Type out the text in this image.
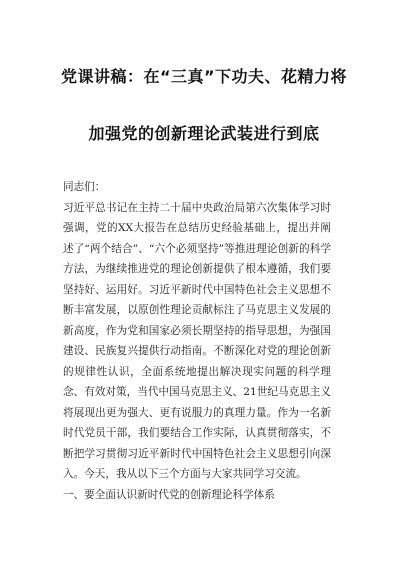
党课讲稿：在“三真”下功夫、花精力将
加强党的创新理论武装进行到底

同志们：

习近平总书记在主持二十届中央政治局第六次集体学习时强调，党的XX大报告在总结历史经验基础上，提出并阐述了“两个结合”、“六个必须坚持”等推进理论创新的科学方法，为继续推进党的理论创新提供了根本遵循，我们要坚持好、运用好。习近平新时代中国特色社会主义思想不断丰富发展，以原创性理论贡献标注了马克思主义发展的新高度，作为党和国家必须长期坚持的指导思想，为强国建设、民族复兴提供行动指南。不断深化对党的理论创新的规律性认识，全面系统地提出解决现实问题的科学理念、有效对策，当代中国马克思主义、21世纪马克思主义将展现出更为强大、更有说服力的真理力量。作为一名新时代党员干部，我们要结合工作实际，认真贯彻落实，不断把学习贯彻习近平新时代中国特色社会主义思想引向深入。今天，我从以下三个方面与大家共同学习交流。

一、要全面认识新时代党的创新理论科学体系
